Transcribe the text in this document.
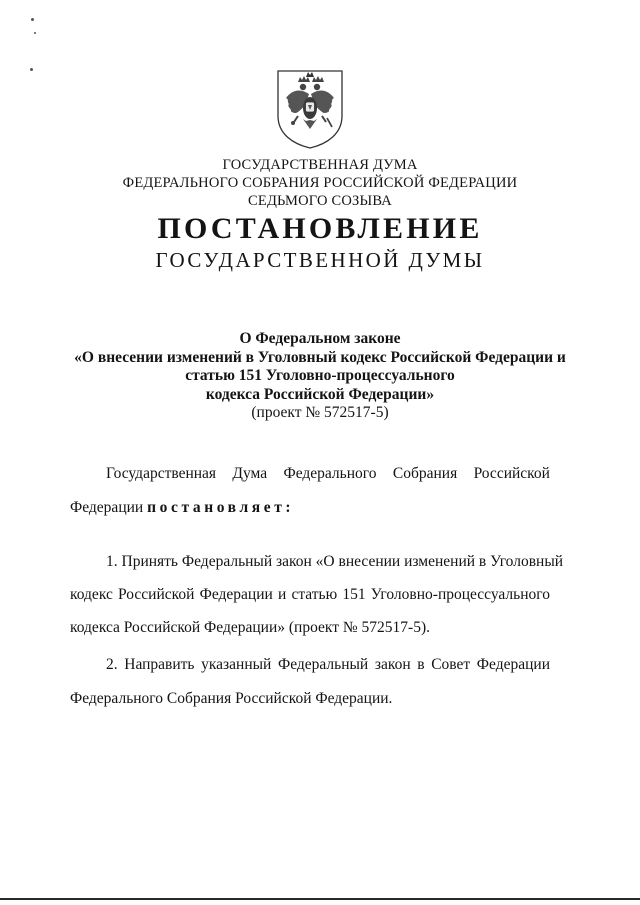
ГОСУДАРСТВЕННАЯ ДУМА
ФЕДЕРАЛЬНОГО СОБРАНИЯ РОССИЙСКОЙ ФЕДЕРАЦИИ
СЕДЬМОГО СОЗЫВА
ПОСТАНОВЛЕНИЕ
ГОСУДАРСТВЕННОЙ ДУМЫ
О Федеральном законе
«О внесении изменений в Уголовный кодекс Российской Федерации и
статью 151 Уголовно-процессуального
кодекса Российской Федерации»
(проект № 572517-5)
Государственная Дума Федерального Собрания Российской
Федерации постановляет:
1. Принять Федеральный закон «О внесении изменений в Уголовный
кодекс Российской Федерации и статью 151 Уголовно-процессуального
кодекса Российской Федерации» (проект № 572517-5).
2. Направить указанный Федеральный закон в Совет Федерации
Федерального Собрания Российской Федерации.
